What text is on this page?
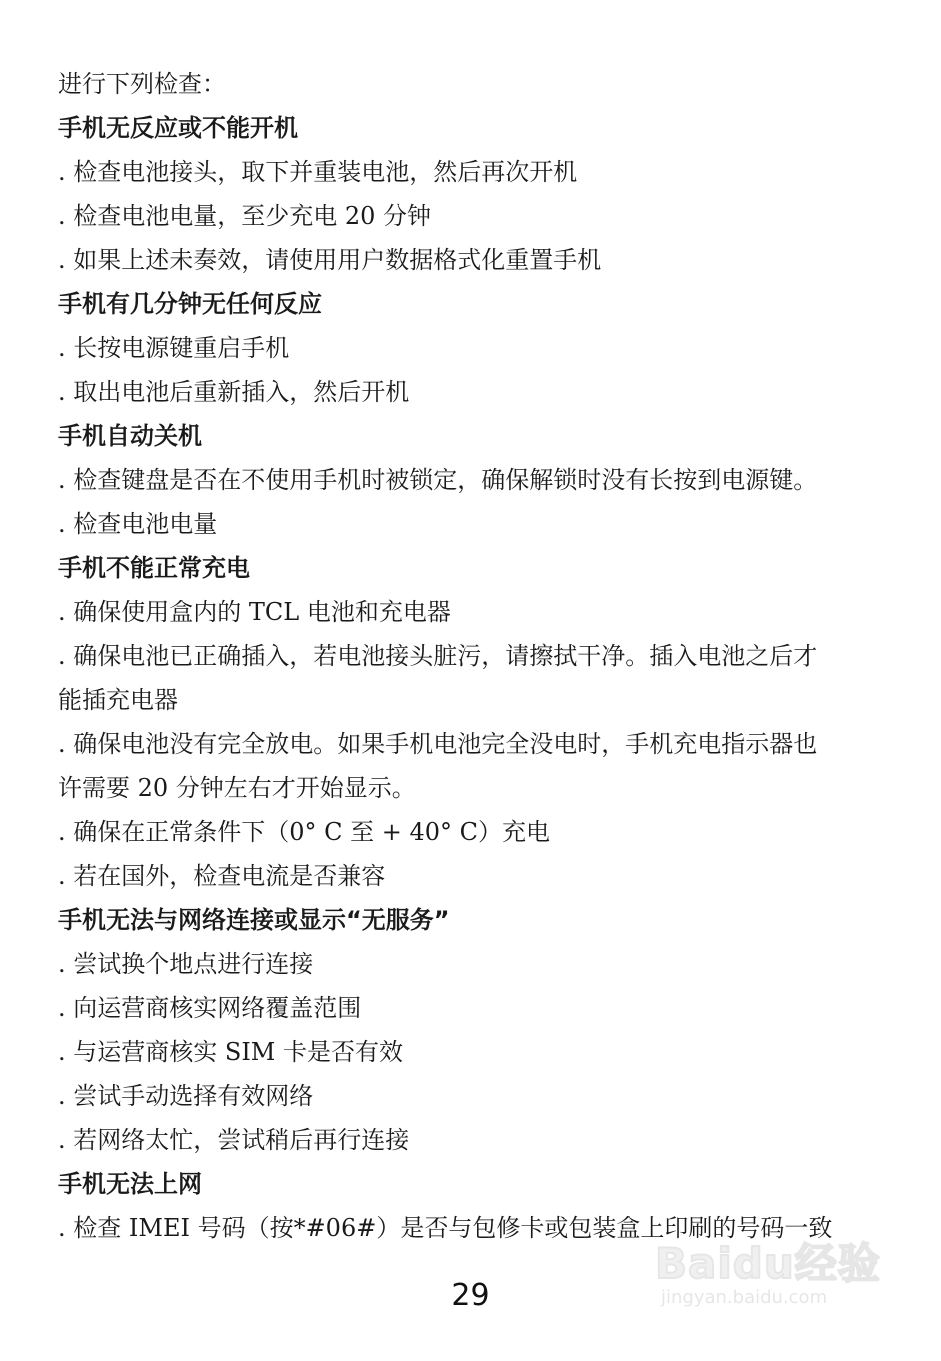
进行下列检查：
手机无反应或不能开机
. 检查电池接头，取下并重装电池，然后再次开机
. 检查电池电量，至少充电 20 分钟
. 如果上述未奏效，请使用用户数据格式化重置手机
手机有几分钟无任何反应
. 长按电源键重启手机
. 取出电池后重新插入，然后开机
手机自动关机
. 检查键盘是否在不使用手机时被锁定，确保解锁时没有长按到电源键。
. 检查电池电量
手机不能正常充电
. 确保使用盒内的 TCL 电池和充电器
. 确保电池已正确插入，若电池接头脏污，请擦拭干净。插入电池之后才
能插充电器
. 确保电池没有完全放电。如果手机电池完全没电时，手机充电指示器也
许需要 20 分钟左右才开始显示。
. 确保在正常条件下（0° C 至 + 40° C）充电
. 若在国外，检查电流是否兼容
手机无法与网络连接或显示“无服务”
. 尝试换个地点进行连接
. 向运营商核实网络覆盖范围
. 与运营商核实 SIM 卡是否有效
. 尝试手动选择有效网络
. 若网络太忙，尝试稍后再行连接
手机无法上网
. 检查 IMEI 号码（按*#06#）是否与包修卡或包装盒上印刷的号码一致
29
Baidu经验
jingyan.baidu.com
